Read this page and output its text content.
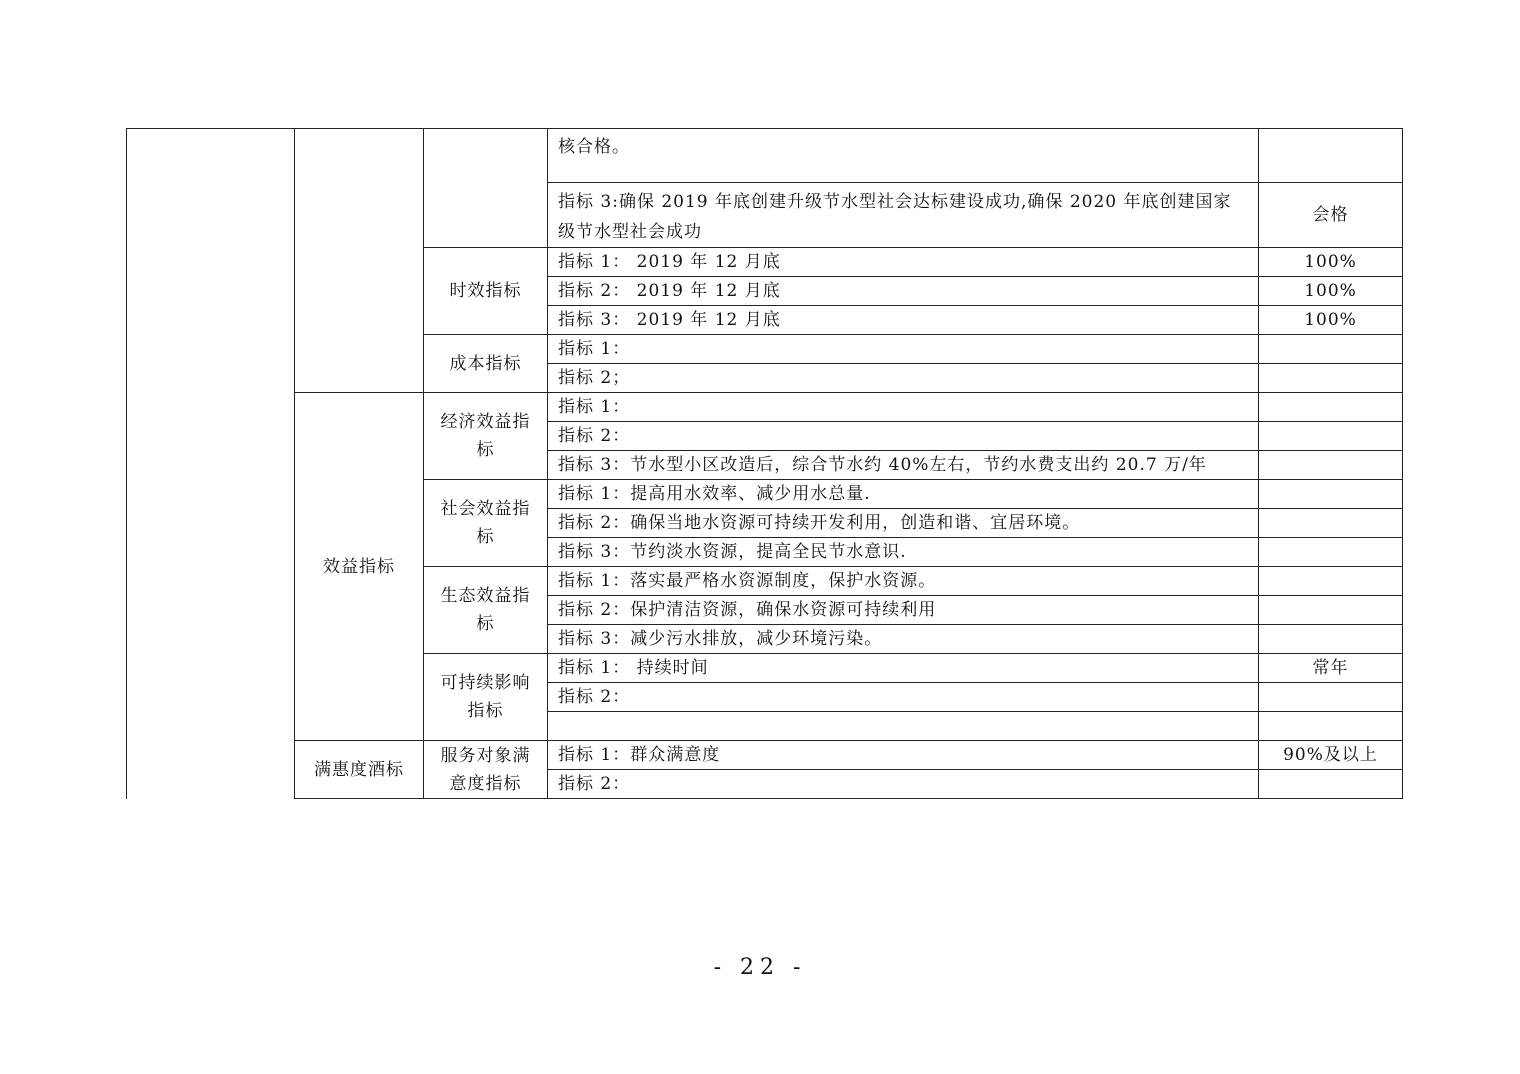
			核合格。	
			指标 3:确保 2019 年底创建升级节水型社会达标建设成功,确保 2020 年底创建国家级节水型社会成功	会格
		时效指标	指标 1： 2019 年 12 月底	100%
			指标 2： 2019 年 12 月底	100%
			指标 3： 2019 年 12 月底	100%
		成本指标	指标 1：	
			指标 2；	

	效益指标	经济效益指标	指标 1：	
			指标 2：	
			指标 3：节水型小区改造后，综合节水约 40%左右，节约水费支出约 20.7 万/年	
		社会效益指标	指标 1：提高用水效率、减少用水总量.	
			指标 2：确保当地水资源可持续开发利用，创造和谐、宜居环境。	
			指标 3：节约淡水资源，提高全民节水意识.	
		生态效益指标	指标 1：落实最严格水资源制度，保护水资源。	
			指标 2：保护清洁资源，确保水资源可持续利用	
			指标 3：减少污水排放，减少环境污染。	
		可持续影响指标	指标 1： 持续时间	常年
			指标 2：	

	满惠度酒标	服务对象满意度指标	指标 1：群众满意度	90%及以上
			指标 2：	
- 22 -
